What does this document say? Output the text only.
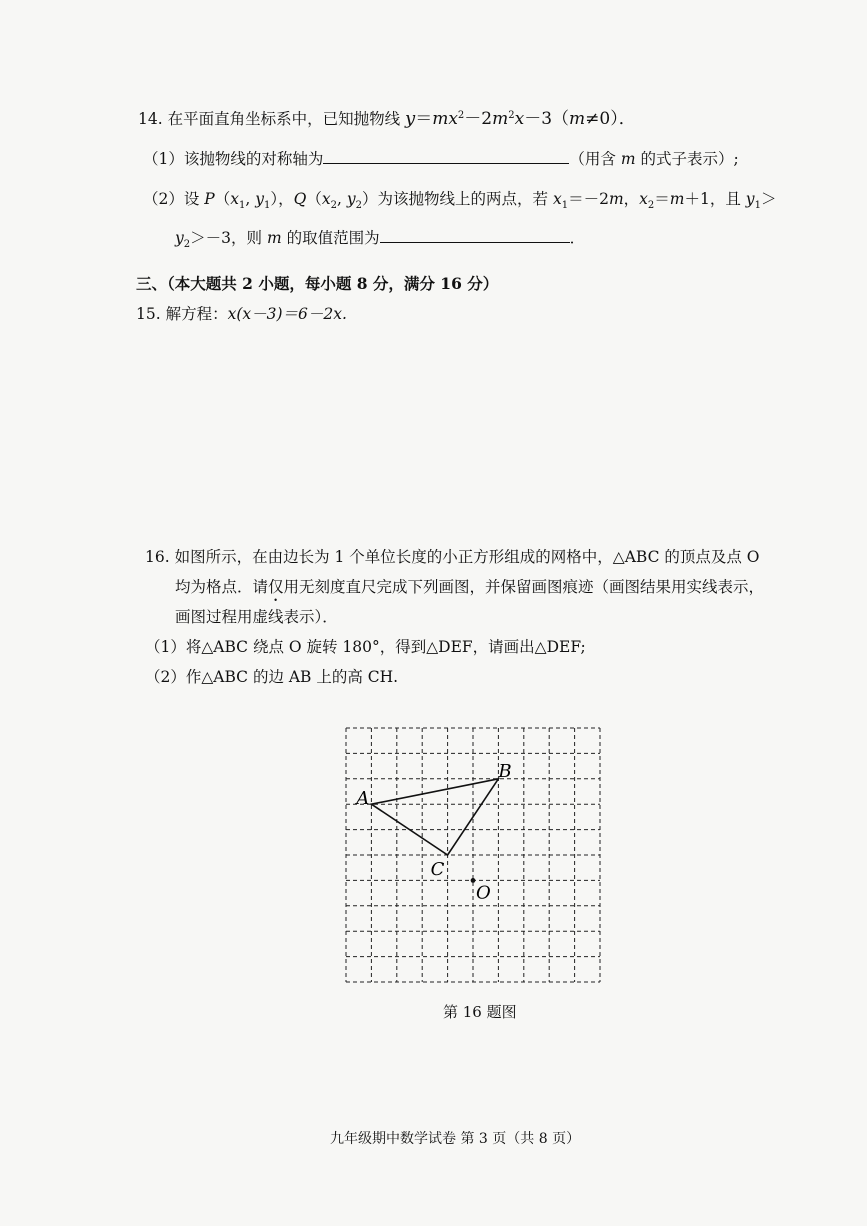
14. 在平面直角坐标系中，已知抛物线 $y=mx^2-2m^2x-3(m\ne 0)$．
（1）该抛物线的对称轴为	（用含 m 的式子表示）;
（2）设 $P(x_1$, $y_1$），$Q(x_2$, $y_2$）为该抛物线上的两点，若 $x_1=-2m$，$x_2=m+1$，且 $y_1>$
$y_2>-3$，则 m 的取值范围为	．
三、（本大题共 2 小题，每小题 8 分，满分 16 分）
15. 解方程：x(x－3)＝6－2x.
16. 如图所示，在由边长为 1 个单位长度的小正方形组成的网格中，△ABC 的顶点及点 O
均为格点．请仅用无刻度直尺完成下列画图，并保留画图痕迹（画图结果用实线表示，
画图过程用虚线表示）．
（1）将△ABC 绕点 O 旋转 180°，得到△DEF，请画出△DEF;
（2）作△ABC 的边 AB 上的高 CH.
A
B
C
O
第 16 题图
九年级期中数学试卷 第 3 页（共 8 页）
